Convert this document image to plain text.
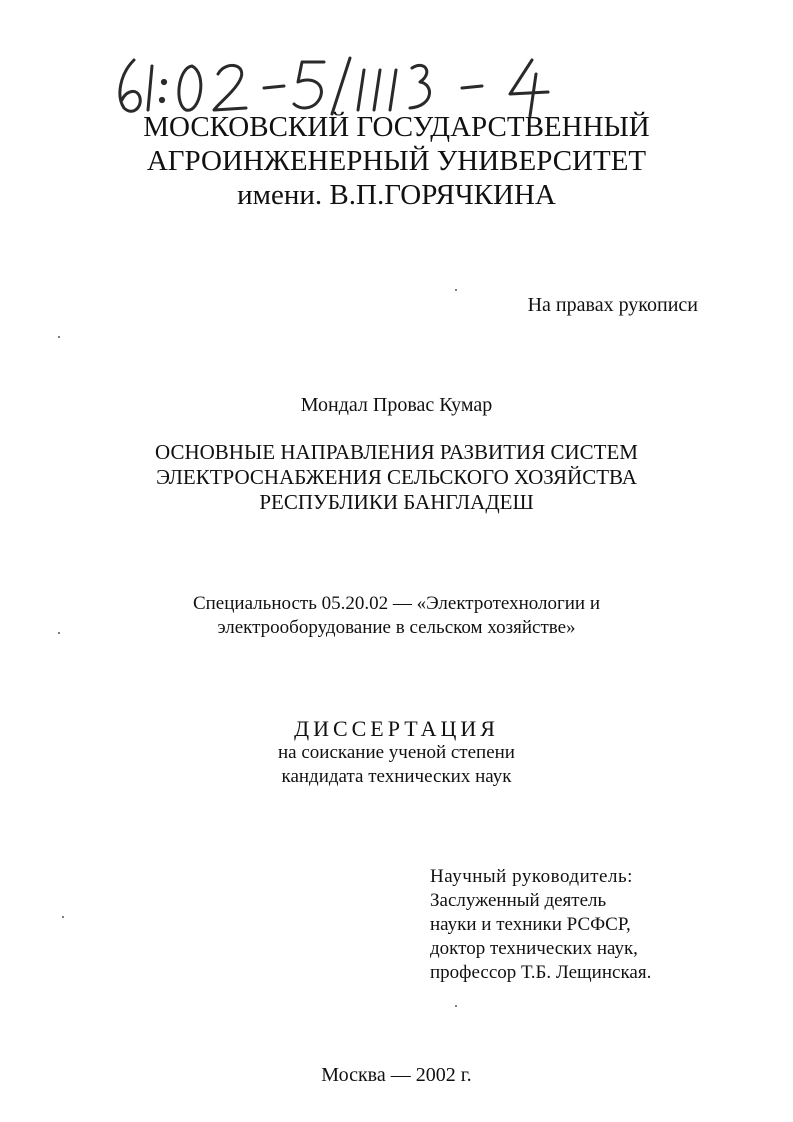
МОСКОВСКИЙ ГОСУДАРСТВЕННЫЙ
АГРОИНЖЕНЕРНЫЙ УНИВЕРСИТЕТ
имени. В.П.ГОРЯЧКИНА
На правах рукописи
Мондал Провас Кумар
ОСНОВНЫЕ НАПРАВЛЕНИЯ РАЗВИТИЯ СИСТЕМ
ЭЛЕКТРОСНАБЖЕНИЯ СЕЛЬСКОГО ХОЗЯЙСТВА
РЕСПУБЛИКИ БАНГЛАДЕШ
Специальность 05.20.02 — «Электротехнологии и
электрооборудование в сельском хозяйстве»
ДИССЕРТАЦИЯ
на соискание ученой степени
кандидата технических наук
Научный руководитель:
Заслуженный деятель
науки и техники РСФСР,
доктор технических наук,
профессор Т.Б. Лещинская.
Москва — 2002 г.
